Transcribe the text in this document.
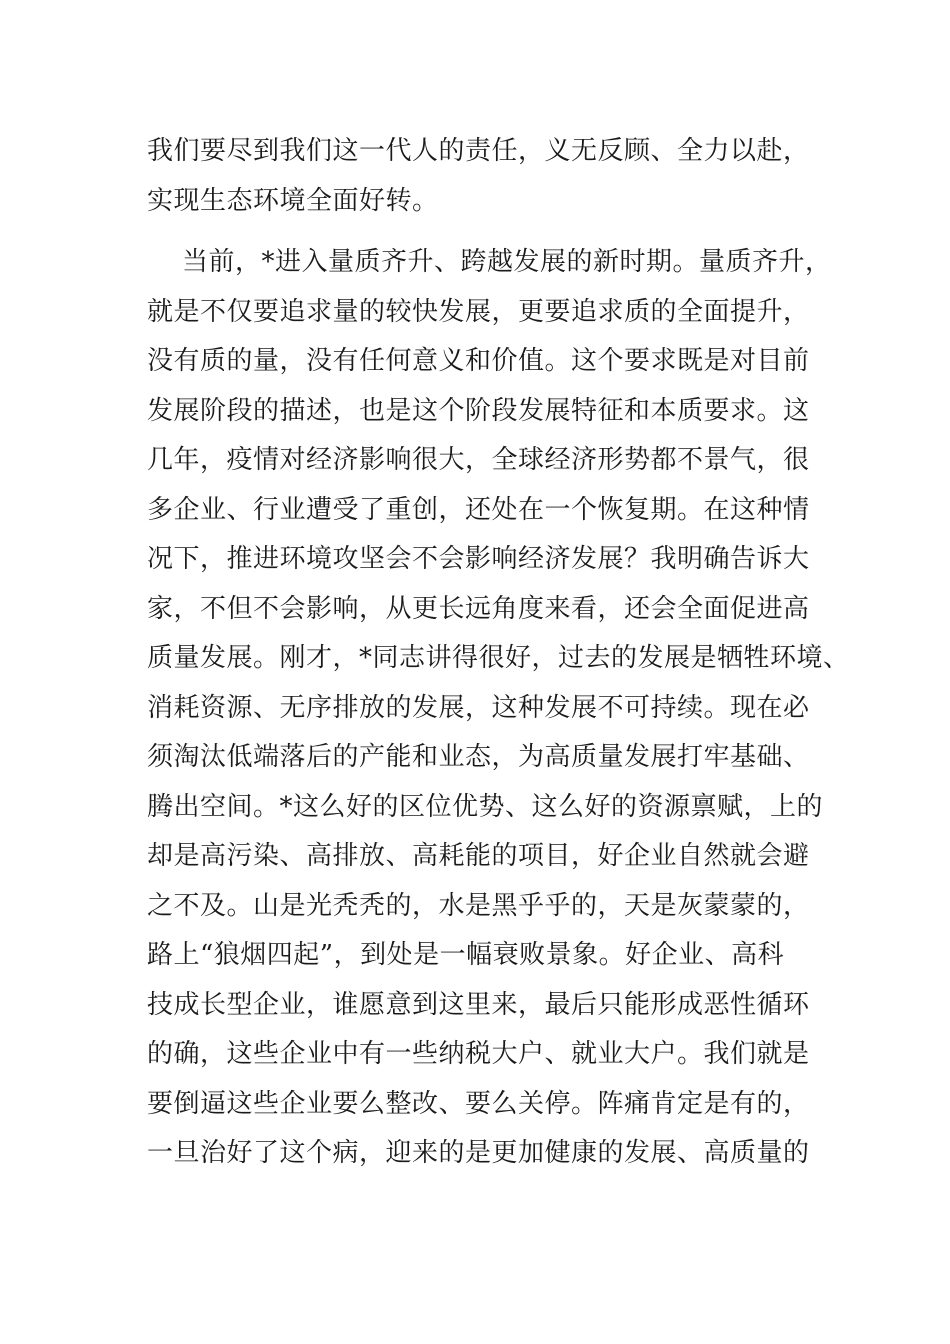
我们要尽到我们这一代人的责任，义无反顾、全力以赴，
实现生态环境全面好转。
当前，*进入量质齐升、跨越发展的新时期。量质齐升，
就是不仅要追求量的较快发展，更要追求质的全面提升，
没有质的量，没有任何意义和价值。这个要求既是对目前
发展阶段的描述，也是这个阶段发展特征和本质要求。这
几年，疫情对经济影响很大，全球经济形势都不景气，很
多企业、行业遭受了重创，还处在一个恢复期。在这种情
况下，推进环境攻坚会不会影响经济发展？我明确告诉大
家，不但不会影响，从更长远角度来看，还会全面促进高
质量发展。刚才，*同志讲得很好，过去的发展是牺牲环境、
消耗资源、无序排放的发展，这种发展不可持续。现在必
须淘汰低端落后的产能和业态，为高质量发展打牢基础、
腾出空间。*这么好的区位优势、这么好的资源禀赋，上的
却是高污染、高排放、高耗能的项目，好企业自然就会避
之不及。山是光秃秃的，水是黑乎乎的，天是灰蒙蒙的，
路上“狼烟四起”，到处是一幅衰败景象。好企业、高科
技成长型企业，谁愿意到这里来，最后只能形成恶性循环
的确，这些企业中有一些纳税大户、就业大户。我们就是
要倒逼这些企业要么整改、要么关停。阵痛肯定是有的，
一旦治好了这个病，迎来的是更加健康的发展、高质量的
